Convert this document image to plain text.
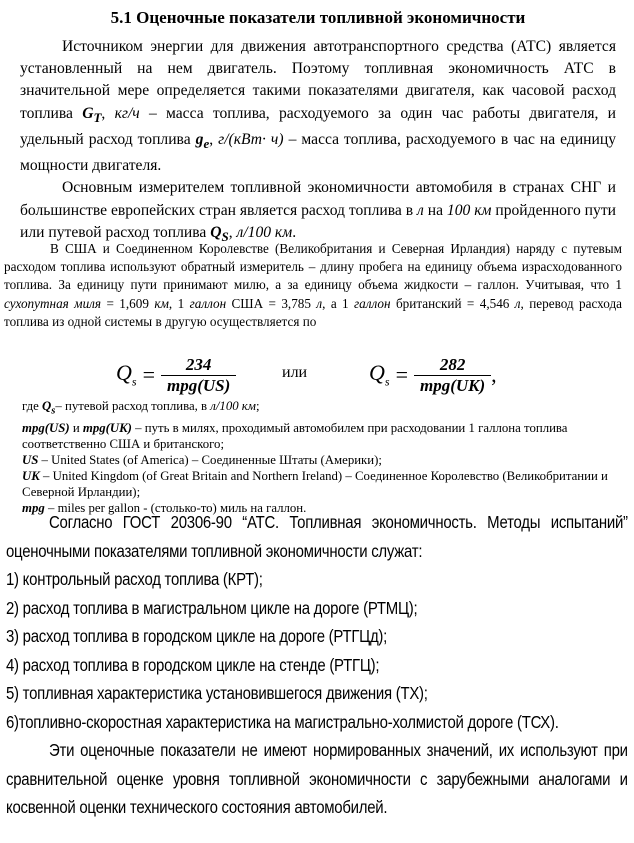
5.1 Оценочные показатели топливной экономичности

Источником энергии для движения автотранспортного средства (АТС) является установленный на нем двигатель. Поэтому топливная экономичность АТС в значительной мере определяется такими показателями двигателя, как часовой расход топлива $G_T$, кг/ч – масса топлива, расходуемого за один час работы двигателя, и удельный расход топлива $g_e$, г/(кВт· ч) – масса топлива, расходуемого в час на единицу мощности двигателя.

Основным измерителем топливной экономичности автомобиля в странах СНГ и большинстве европейских стран является расход топлива в л на 100 км пройденного пути или путевой расход топлива $Q_S$, л/100 км.

В США и Соединенном Королевстве (Великобритания и Северная Ирландия) наряду с путевым расходом топлива используют обратный измеритель – длину пробега на единицу объема израсходованного топлива. За единицу пути принимают милю, а за единицу объема жидкости – галлон. Учитывая, что 1 сухопутная миля = 1,609 км, 1 галлон США = 3,785 л, а 1 галлон британский = 4,546 л, перевод расхода топлива из одной системы в другую осуществляется по

$Q_s = \frac{234}{\text{mpg(US)}}$	или	$Q_s = \frac{282}{\text{mpg(UK)}}$ ,
где $Q_s-$ путевой расход топлива, в л/100 км;
mpg(US) и mpg(UK) – путь в милях, проходимый автомобилем при расходовании 1 галлона топлива соответственно США и британского;
US – United States (of America) – Соединенные Штаты (Америки);
UK – United Kingdom (of Great Britain and Northern Ireland) – Соединенное Королевство (Великобритании и Северной Ирландии);
mpg – miles per gallon - (столько-то) миль на галлон.

Согласно ГОСТ 20306-90 “АТС. Топливная экономичность. Методы испытаний” оценочными показателями топливной экономичности служат:

1) контрольный расход топлива (КРТ);
2) расход топлива в магистральном цикле на дороге (РТМЦ);
3) расход топлива в городском цикле на дороге (РТГЦд);
4) расход топлива в городском цикле на стенде (РТГЦ);
5) топливная характеристика установившегося движения (ТХ);
6)топливно-скоростная характеристика на магистрально-холмистой дороге (ТСХ).

Эти оценочные показатели не имеют нормированных значений, их используют при сравнительной оценке уровня топливной экономичности с зарубежными аналогами и косвенной оценки технического состояния автомобилей.
